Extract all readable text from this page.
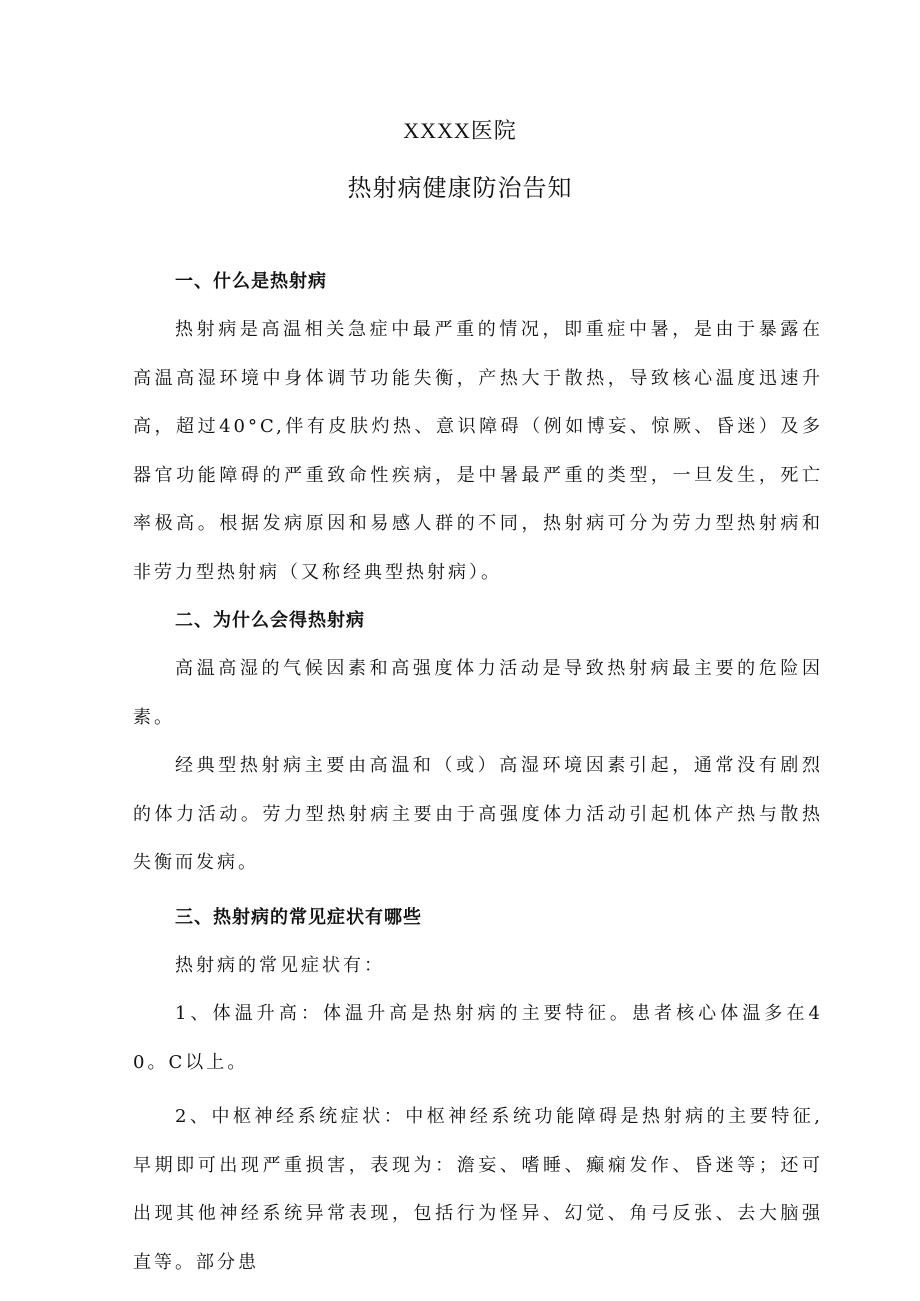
XXXX医院
热射病健康防治告知
一、什么是热射病

热射病是高温相关急症中最严重的情况，即重症中暑，是由于暴露在高温高湿环境中身体调节功能失衡，产热大于散热，导致核心温度迅速升高，超过40°C,伴有皮肤灼热、意识障碍（例如博妄、惊厥、昏迷）及多器官功能障碍的严重致命性疾病，是中暑最严重的类型，一旦发生，死亡率极高。根据发病原因和易感人群的不同，热射病可分为劳力型热射病和非劳力型热射病（又称经典型热射病）。

二、为什么会得热射病

高温高湿的气候因素和高强度体力活动是导致热射病最主要的危险因素。

经典型热射病主要由高温和（或）高湿环境因素引起，通常没有剧烈的体力活动。劳力型热射病主要由于高强度体力活动引起机体产热与散热失衡而发病。

三、热射病的常见症状有哪些

热射病的常见症状有：

1、体温升高：体温升高是热射病的主要特征。患者核心体温多在40。C以上。

2、中枢神经系统症状：中枢神经系统功能障碍是热射病的主要特征,早期即可出现严重损害，表现为：澹妄、嗜睡、癫痫发作、昏迷等；还可出现其他神经系统异常表现，包括行为怪异、幻觉、角弓反张、去大脑强直等。部分患
